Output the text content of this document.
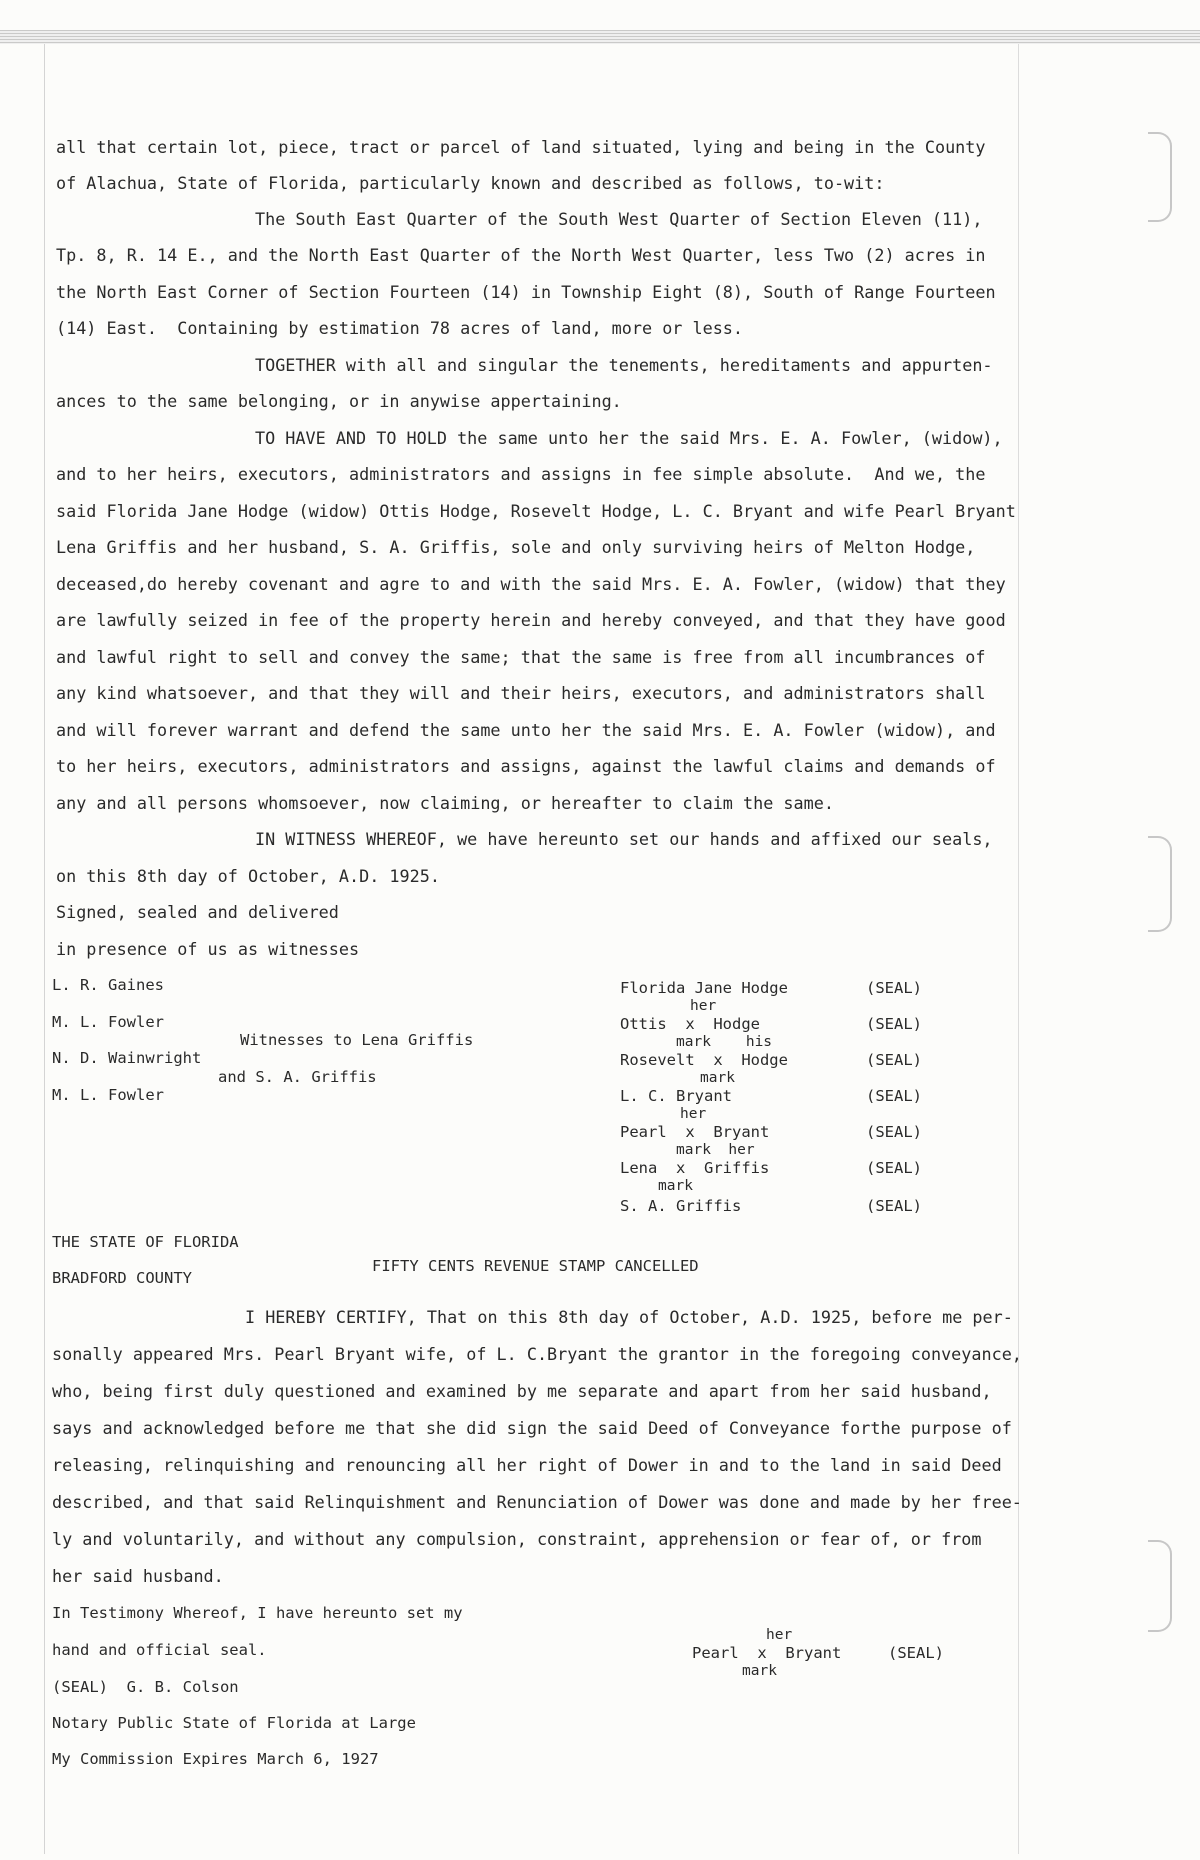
all that certain lot, piece, tract or parcel of land situated, lying and being in the County
of Alachua, State of Florida, particularly known and described as follows, to-wit:
The South East Quarter of the South West Quarter of Section Eleven (11),
Tp. 8, R. 14 E., and the North East Quarter of the North West Quarter, less Two (2) acres in
the North East Corner of Section Fourteen (14) in Township Eight (8), South of Range Fourteen
(14) East.  Containing by estimation 78 acres of land, more or less.
TOGETHER with all and singular the tenements, hereditaments and appurten-
ances to the same belonging, or in anywise appertaining.
TO HAVE AND TO HOLD the same unto her the said Mrs. E. A. Fowler, (widow),
and to her heirs, executors, administrators and assigns in fee simple absolute.  And we, the
said Florida Jane Hodge (widow) Ottis Hodge, Rosevelt Hodge, L. C. Bryant and wife Pearl Bryant
Lena Griffis and her husband, S. A. Griffis, sole and only surviving heirs of Melton Hodge,
deceased,do hereby covenant and agre to and with the said Mrs. E. A. Fowler, (widow) that they
are lawfully seized in fee of the property herein and hereby conveyed, and that they have good
and lawful right to sell and convey the same; that the same is free from all incumbrances of
any kind whatsoever, and that they will and their heirs, executors, and administrators shall
and will forever warrant and defend the same unto her the said Mrs. E. A. Fowler (widow), and
to her heirs, executors, administrators and assigns, against the lawful claims and demands of
any and all persons whomsoever, now claiming, or hereafter to claim the same.
IN WITNESS WHEREOF, we have hereunto set our hands and affixed our seals,
on this 8th day of October, A.D. 1925.
Signed, sealed and delivered
in presence of us as witnesses
L. R. Gaines
M. L. Fowler
Witnesses to Lena Griffis
N. D. Wainwright
and S. A. Griffis
M. L. Fowler
Florida Jane Hodge	(SEAL)
her
Ottis  x  Hodge	(SEAL)
mark    his
Rosevelt  x  Hodge	(SEAL)
mark
L. C. Bryant	(SEAL)
her
Pearl  x  Bryant	(SEAL)
mark  her
Lena  x  Griffis	(SEAL)
mark
S. A. Griffis	(SEAL)
THE STATE OF FLORIDA
FIFTY CENTS REVENUE STAMP CANCELLED
BRADFORD COUNTY
I HEREBY CERTIFY, That on this 8th day of October, A.D. 1925, before me per-
sonally appeared Mrs. Pearl Bryant wife, of L. C.Bryant the grantor in the foregoing conveyance,
who, being first duly questioned and examined by me separate and apart from her said husband,
says and acknowledged before me that she did sign the said Deed of Conveyance forthe purpose of
releasing, relinquishing and renouncing all her right of Dower in and to the land in said Deed
described, and that said Relinquishment and Renunciation of Dower was done and made by her free-
ly and voluntarily, and without any compulsion, constraint, apprehension or fear of, or from
her said husband.
In Testimony Whereof, I have hereunto set my
hand and official seal.
(SEAL)  G. B. Colson
Notary Public State of Florida at Large
My Commission Expires March 6, 1927
her
Pearl  x  Bryant	(SEAL)
mark
